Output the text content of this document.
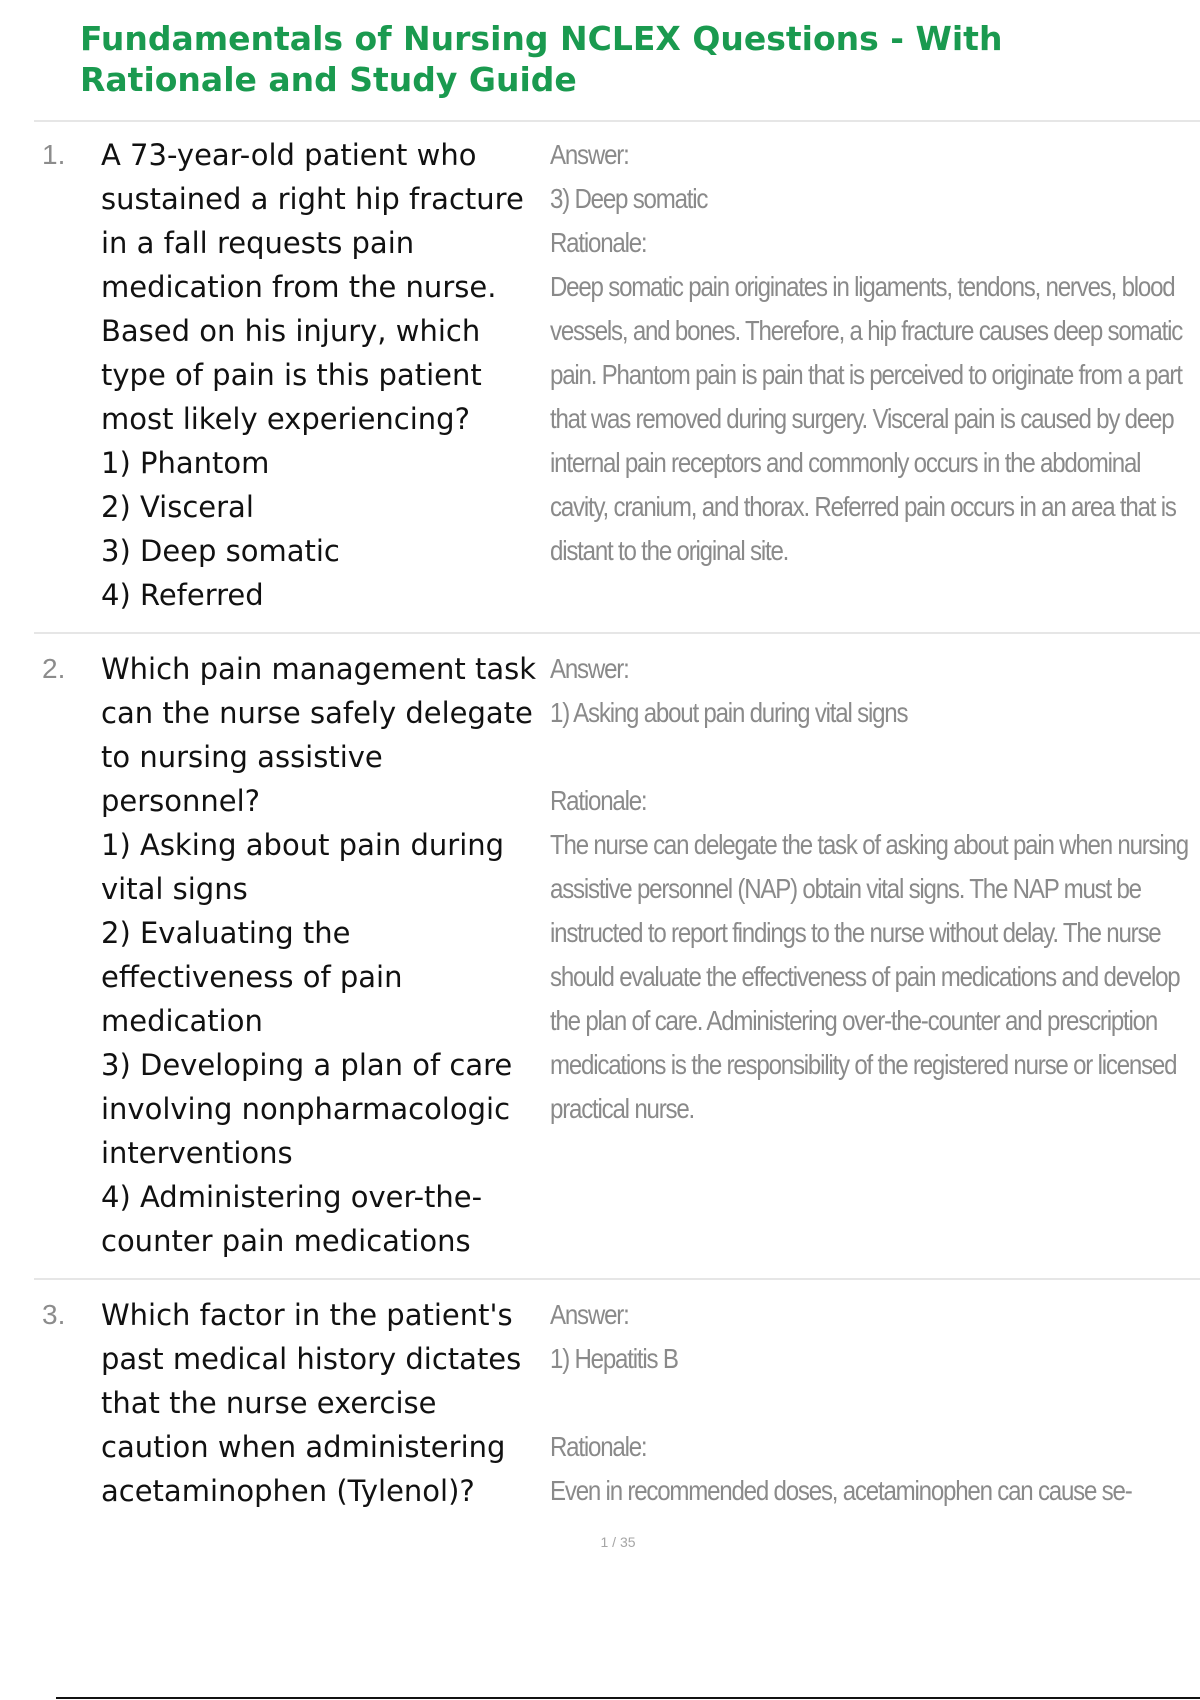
Fundamentals of Nursing NCLEX Questions - With Rationale and Study Guide
1. A 73-year-old patient who sustained a right hip fracture in a fall requests pain medication from the nurse. Based on his injury, which type of pain is this patient most likely experiencing?

1) Phantom

2) Visceral

3) Deep somatic

4) Referred

Answer:

3) Deep somatic

Rationale:

Deep somatic pain originates in ligaments, tendons, nerves, blood vessels, and bones. Therefore, a hip fracture causes deep somatic pain. Phantom pain is pain that is perceived to originate from a part that was removed during surgery. Visceral pain is caused by deep internal pain receptors and commonly occurs in the abdominal cavity, cranium, and thorax. Referred pain occurs in an area that is distant to the original site.

2. Which pain management task can the nurse safely delegate to nursing assistive personnel?

1) Asking about pain during vital signs

2) Evaluating the effectiveness of pain medication

3) Developing a plan of care involving nonpharmacologic interventions

4) Administering over-the-counter pain medications

Answer:

1) Asking about pain during vital signs

Rationale:

The nurse can delegate the task of asking about pain when nursing assistive personnel (NAP) obtain vital signs. The NAP must be instructed to report findings to the nurse without delay. The nurse should evaluate the effectiveness of pain medications and develop the plan of care. Administering over-the-counter and prescription medications is the responsibility of the registered nurse or licensed practical nurse.

3. Which factor in the patient's past medical history dictates that the nurse exercise caution when administering acetaminophen (Tylenol)?

Answer:

1) Hepatitis B

Rationale:

Even in recommended doses, acetaminophen can cause se-

1 / 35
